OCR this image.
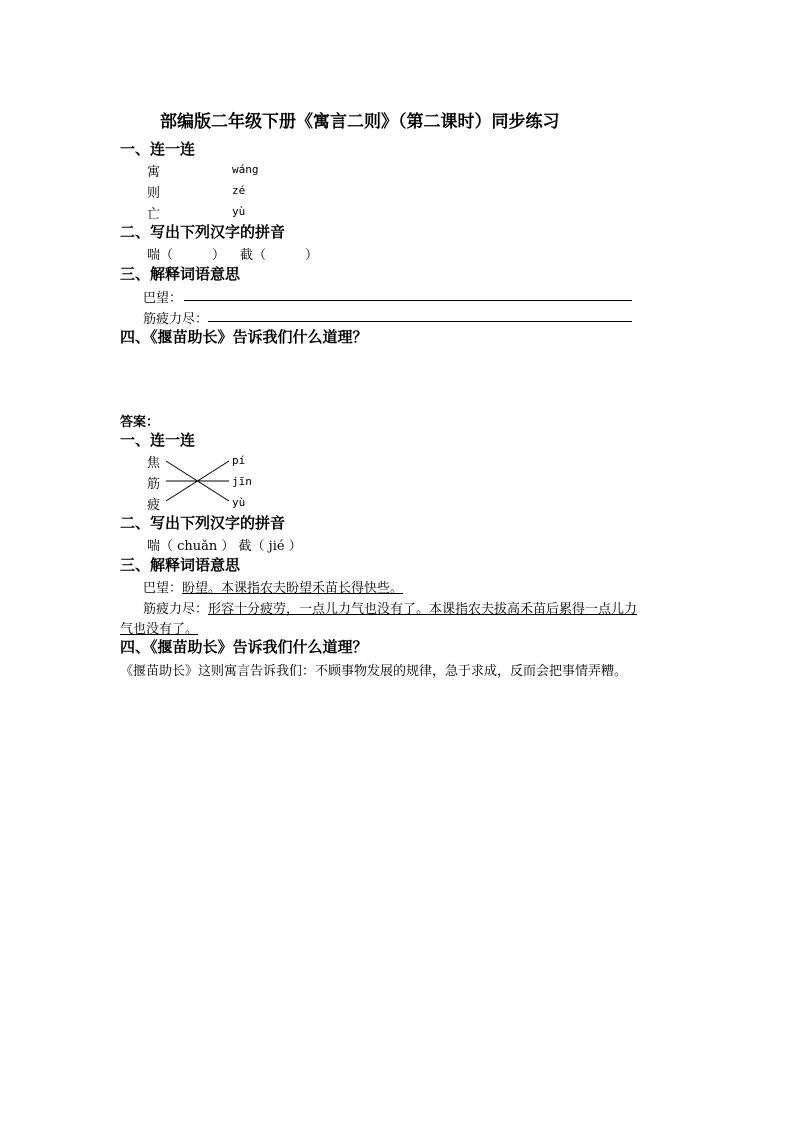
部编版二年级下册《寓言二则》（第二课时）同步练习
一、连一连
寓
则
亡
wáng
zé
yù
二、写出下列汉字的拼音
喘（　　　） 截（　　　）
三、解释词语意思
巴望：
筋疲力尽：
四、《揠苗助长》告诉我们什么道理？
答案：
一、连一连
焦
筋
疲
pí
jīn
yù
二、写出下列汉字的拼音
喘（ chuǎn ） 截（ jié ）
三、解释词语意思
巴望：盼望。本课指农夫盼望禾苗长得快些。
筋疲力尽：形容十分疲劳，一点儿力气也没有了。本课指农夫拔高禾苗后累得一点儿力
气也没有了。
四、《揠苗助长》告诉我们什么道理？
《揠苗助长》这则寓言告诉我们：不顾事物发展的规律，急于求成，反而会把事情弄糟。
